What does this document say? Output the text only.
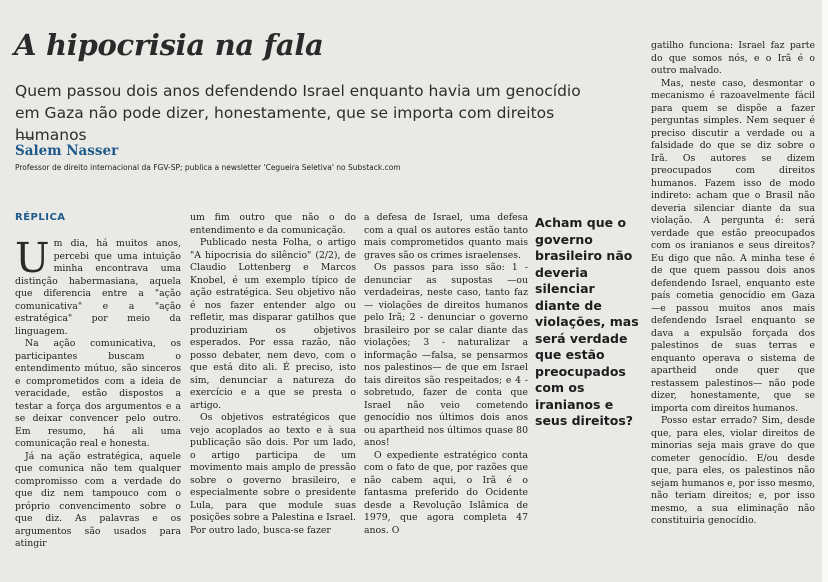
A hipocrisia na fala

Quem passou dois anos defendendo Israel enquanto havia um genocídio em Gaza não pode dizer, honestamente, que se importa com direitos humanos

Salem Nasser

Professor de direito internacional da FGV-SP; publica a newsletter 'Cegueira Seletiva' no Substack.com

RÉPLICA

Um dia, há muitos anos, percebi que uma intuição minha encontrava uma distinção habermasiana, aquela que diferencia entre a "ação comunicativa" e a "ação estratégica" por meio da linguagem.

Na ação comunicativa, os participantes buscam o entendimento mútuo, são sinceros e comprometidos com a ideia de veracidade, estão dispostos a testar a força dos argumentos e a se deixar convencer pelo outro. Em resumo, há ali uma comunicação real e honesta.

Já na ação estratégica, aquele que comunica não tem qualquer compromisso com a verdade do que diz nem tampouco com o próprio convencimento sobre o que diz. As palavras e os argumentos são usados para atingir

um fim outro que não o do entendimento e da comunicação.

Publicado nesta Folha, o artigo "A hipocrisia do silêncio" (2/2), de Claudio Lottenberg e Marcos Knobel, é um exemplo típico de ação estratégica. Seu objetivo não é nos fazer entender algo ou refletir, mas disparar gatilhos que produziriam os objetivos esperados. Por essa razão, não posso debater, nem devo, com o que está dito ali. É preciso, isto sim, denunciar a natureza do exercício e a que se presta o artigo.

Os objetivos estratégicos que vejo acoplados ao texto e à sua publicação são dois. Por um lado, o artigo participa de um movimento mais amplo de pressão sobre o governo brasileiro, e especialmente sobre o presidente Lula, para que module suas posições sobre a Palestina e Israel. Por outro lado, busca-se fazer

a defesa de Israel, uma defesa com a qual os autores estão tanto mais comprometidos quanto mais graves são os crimes israelenses.

Os passos para isso são: 1 - denunciar as supostas —ou verdadeiras, neste caso, tanto faz— violações de direitos humanos pelo Irã; 2 - denunciar o governo brasileiro por se calar diante das violações; 3 - naturalizar a informação —falsa, se pensarmos nos palestinos— de que em Israel tais direitos são respeitados; e 4 - sobretudo, fazer de conta que Israel não veio cometendo genocídio nos últimos dois anos ou apartheid nos últimos quase 80 anos!

O expediente estratégico conta com o fato de que, por razões que não cabem aqui, o Irã é o fantasma preferido do Ocidente desde a Revolução Islâmica de 1979, que agora completa 47 anos. O

Acham que o governo brasileiro não deveria silenciar diante de violações, mas será verdade que estão preocupados com os iranianos e seus direitos?

gatilho funciona: Israel faz parte do que somos nós, e o Irã é o outro malvado.

Mas, neste caso, desmontar o mecanismo é razoavelmente fácil para quem se dispõe a fazer perguntas simples. Nem sequer é preciso discutir a verdade ou a falsidade do que se diz sobre o Irã. Os autores se dizem preocupados com direitos humanos. Fazem isso de modo indireto: acham que o Brasil não deveria silenciar diante da sua violação. A pergunta é: será verdade que estão preocupados com os iranianos e seus direitos? Eu digo que não. A minha tese é de que quem passou dois anos defendendo Israel, enquanto este país cometia genocídio em Gaza —e passou muitos anos mais defendendo Israel enquanto se dava a expulsão forçada dos palestinos de suas terras e enquanto operava o sistema de apartheid onde quer que restassem palestinos— não pode dizer, honestamente, que se importa com direitos humanos.

Posso estar errado? Sim, desde que, para eles, violar direitos de minorias seja mais grave do que cometer genocídio. E/ou desde que, para eles, os palestinos não sejam humanos e, por isso mesmo, não teriam direitos; e, por isso mesmo, a sua eliminação não constituiria genocídio.
